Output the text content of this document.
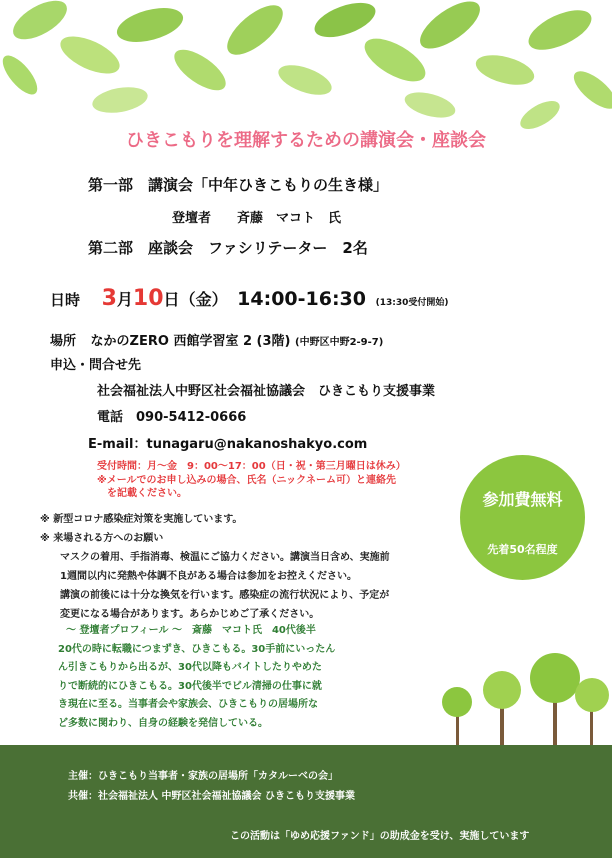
ひきこもりを理解するための講演会・座談会
第一部　講演会「中年ひきこもりの生き様」
登壇者　　斉藤　マコト　氏
第二部　座談会　ファシリテーター　2名
日時 3月10日（金） 14:00-16:30 (13:30受付開始)
場所 なかのZERO 西館学習室 2 (3階) (中野区中野2-9-7)
申込・問合せ先
社会福祉法人中野区社会福祉協議会　ひきこもり支援事業
電話　090-5412-0666
E-mail：tunagaru@nakanoshakyo.com
受付時間：月〜金　9：00〜17：00（日・祝・第三月曜日は休み）
※メールでのお申し込みの場合、氏名（ニックネーム可）と連絡先
を記載ください。	参加費無料
先着50名程度
※ 新型コロナ感染症対策を実施しています。
※ 来場される方へのお願い
マスクの着用、手指消毒、検温にご協力ください。講演当日含め、実施前
1週間以内に発熱や体調不良がある場合は参加をお控えください。
講演の前後には十分な換気を行います。感染症の流行状況により、予定が
変更になる場合があります。あらかじめご了承ください。
〜 登壇者プロフィール 〜　斎藤　マコト氏　40代後半
20代の時に転職につまずき、ひきこもる。30手前にいったん
ん引きこもりから出るが、30代以降もバイトしたりやめた
りで断続的にひきこもる。30代後半でビル清掃の仕事に就
き現在に至る。当事者会や家族会、ひきこもりの居場所な
ど多数に関わり、自身の経験を発信している。
主催：ひきこもり当事者・家族の居場所「カタルーベの会」
共催：社会福祉法人 中野区社会福祉協議会 ひきこもり支援事業
この活動は「ゆめ応援ファンド」の助成金を受け、実施しています
